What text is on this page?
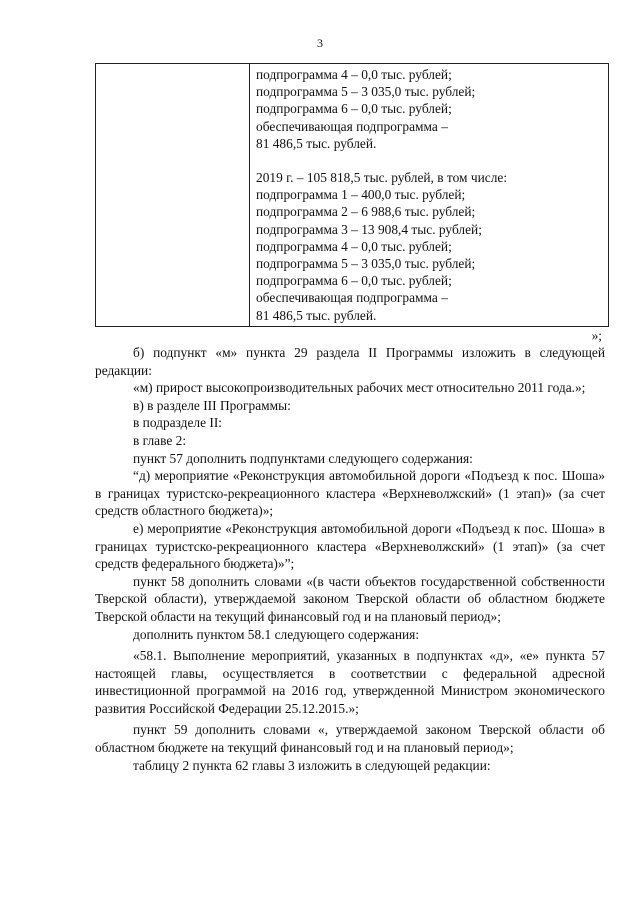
3
подпрограмма 4 – 0,0 тыс. рублей;
подпрограмма 5 – 3 035,0 тыс. рублей;
подпрограмма 6 – 0,0 тыс. рублей;
обеспечивающая подпрограмма –
81 486,5 тыс. рублей.
2019 г. – 105 818,5 тыс. рублей, в том числе:
подпрограмма 1 – 400,0 тыс. рублей;
подпрограмма 2 – 6 988,6 тыс. рублей;
подпрограмма 3 – 13 908,4 тыс. рублей;
подпрограмма 4 – 0,0 тыс. рублей;
подпрограмма 5 – 3 035,0 тыс. рублей;
подпрограмма 6 – 0,0 тыс. рублей;
обеспечивающая подпрограмма –
81 486,5 тыс. рублей.
»;

б) подпункт «м» пункта 29 раздела II Программы изложить в следующей редакции:

«м) прирост высокопроизводительных рабочих мест относительно 2011 года.»;

в) в разделе III Программы:

в подразделе II:

в главе 2:

пункт 57 дополнить подпунктами следующего содержания:

“д) мероприятие «Реконструкция автомобильной дороги «Подъезд к пос. Шоша» в границах туристско-рекреационного кластера «Верхневолжский» (1 этап)» (за счет средств областного бюджета)»;

е) мероприятие «Реконструкция автомобильной дороги «Подъезд к пос. Шоша» в границах туристско-рекреационного кластера «Верхневолжский» (1 этап)» (за счет средств федерального бюджета)»”;

пункт 58 дополнить словами «(в части объектов государственной собственности Тверской области), утверждаемой законом Тверской области об областном бюджете Тверской области на текущий финансовый год и на плановый период»;

дополнить пунктом 58.1 следующего содержания:

«58.1. Выполнение мероприятий, указанных в подпунктах «д», «е» пункта 57 настоящей главы, осуществляется в соответствии с федеральной адресной инвестиционной программой на 2016 год, утвержденной Министром экономического развития Российской Федерации 25.12.2015.»;

пункт 59 дополнить словами «, утверждаемой законом Тверской области об областном бюджете на текущий финансовый год и на плановый период»;

таблицу 2 пункта 62 главы 3 изложить в следующей редакции:
